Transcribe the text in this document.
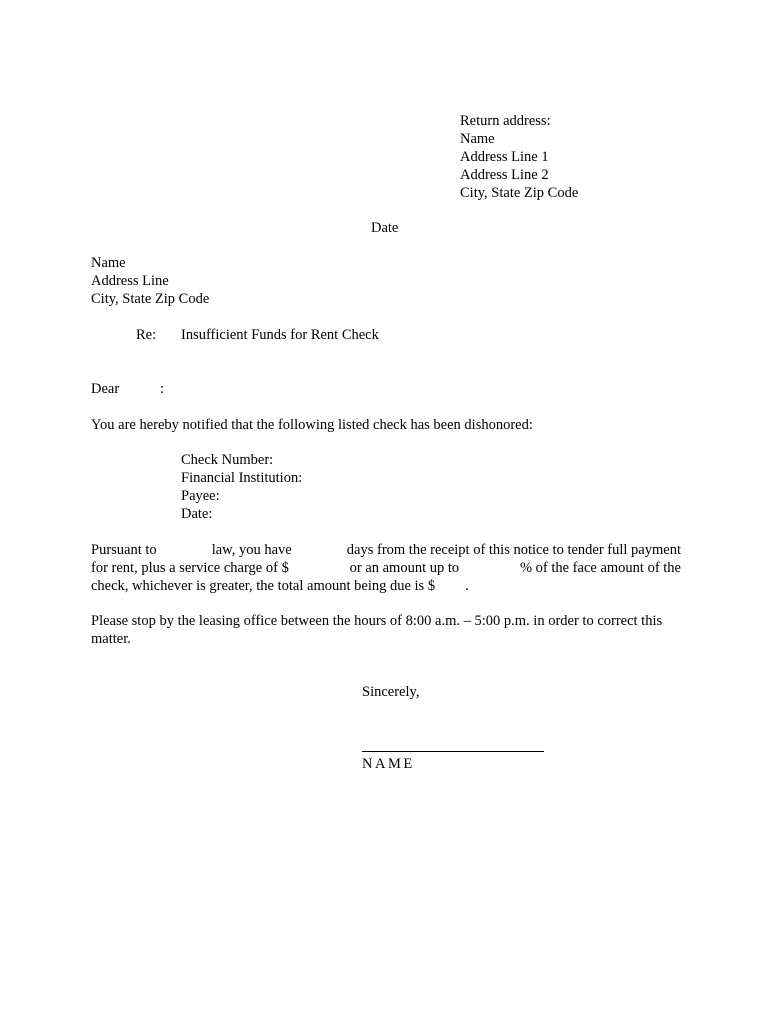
Return address:
Name
Address Line 1
Address Line 2
City, State Zip Code
Date
Name
Address Line
City, State Zip Code
Re: Insufficient Funds for Rent Check
Dear	:
You are hereby notified that the following listed check has been dishonored:
Check Number:
Financial Institution:
Payee:
Date:
Pursuant to	law, you have	days from the receipt of this notice to tender full payment
for rent, plus a service charge of $	or an amount up to	% of the face amount of the
check, whichever is greater, the total amount being due is $ .
Please stop by the leasing office between the hours of 8:00 a.m. – 5:00 p.m. in order to correct this
matter.
Sincerely,
NAME
